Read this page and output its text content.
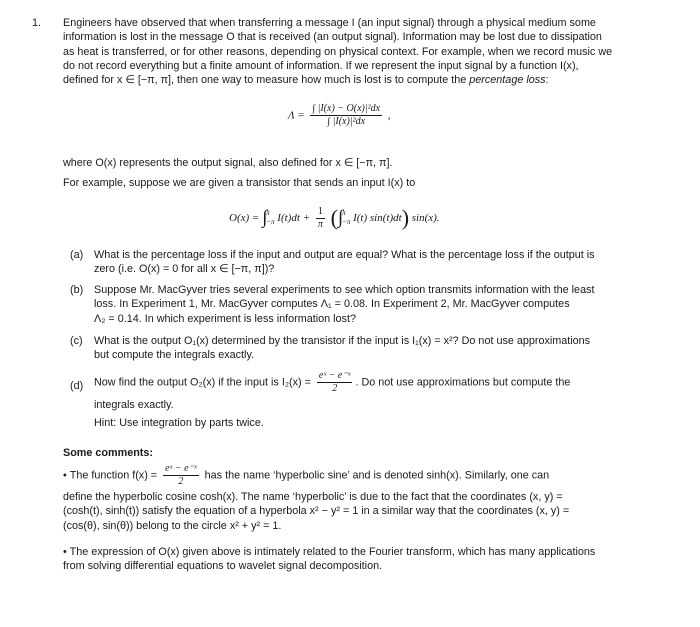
1. Engineers have observed that when transferring a message I (an input signal) through a physical medium some
information is lost in the message O that is received (an output signal). Information may be lost due to dissipation
as heat is transferred, or for other reasons, depending on physical context. For example, when we record music we
do not record everything but a finite amount of information. If we represent the input signal by a function I(x),
defined for x ∈ [−π, π], then one way to measure how much is lost is to compute the percentage loss:
$\Lambda = \frac{\text{∫ |I(x) − O(x)|²dx}}{\text{∫ |I(x)|²dx}}$ ,
where O(x) represents the output signal, also defined for x ∈ [−π, π].
For example, suppose we are given a transistor that sends an input I(x) to
O(x) = ∫ π
−π $I(t)dt + \frac{1}{\pi}$ (∫ π
−π I(t) sin(t)dt) sin(x).
(a) What is the percentage loss if the input and output are equal? What is the percentage loss if the output is
zero (i.e. O(x) = 0 for all x ∈ [−π, π])?
(b) Suppose Mr. MacGyver tries several experiments to see which option transmits information with the least
loss. In Experiment 1, Mr. MacGyver computes Λ₁ = 0.08. In Experiment 2, Mr. MacGyver computes
Λ₂ = 0.14. In which experiment is less information lost?
(c) What is the output O₁(x) determined by the transistor if the input is I₁(x) = x²? Do not use approximations
but compute the integrals exactly.
(d) Now find the output O₂(x) if the input is $I_2(x) = \frac{\text{eˣ − e⁻ˣ}}{2}$ . Do not use approximations but compute the
integrals exactly.
Hint: Use integration by parts twice.
Some comments:
• The function $f(x) = \frac{\text{eˣ − e⁻ˣ}}{2}$ has the name ‘hyperbolic sine’ and is denoted sinh(x). Similarly, one can
define the hyperbolic cosine cosh(x). The name ‘hyperbolic’ is due to the fact that the coordinates (x, y) =
(cosh(t), sinh(t)) satisfy the equation of a hyperbola x² − y² = 1 in a similar way that the coordinates (x, y) =
(cos(θ), sin(θ)) belong to the circle x² + y² = 1.
• The expression of O(x) given above is intimately related to the Fourier transform, which has many applications
from solving differential equations to wavelet signal decomposition.
